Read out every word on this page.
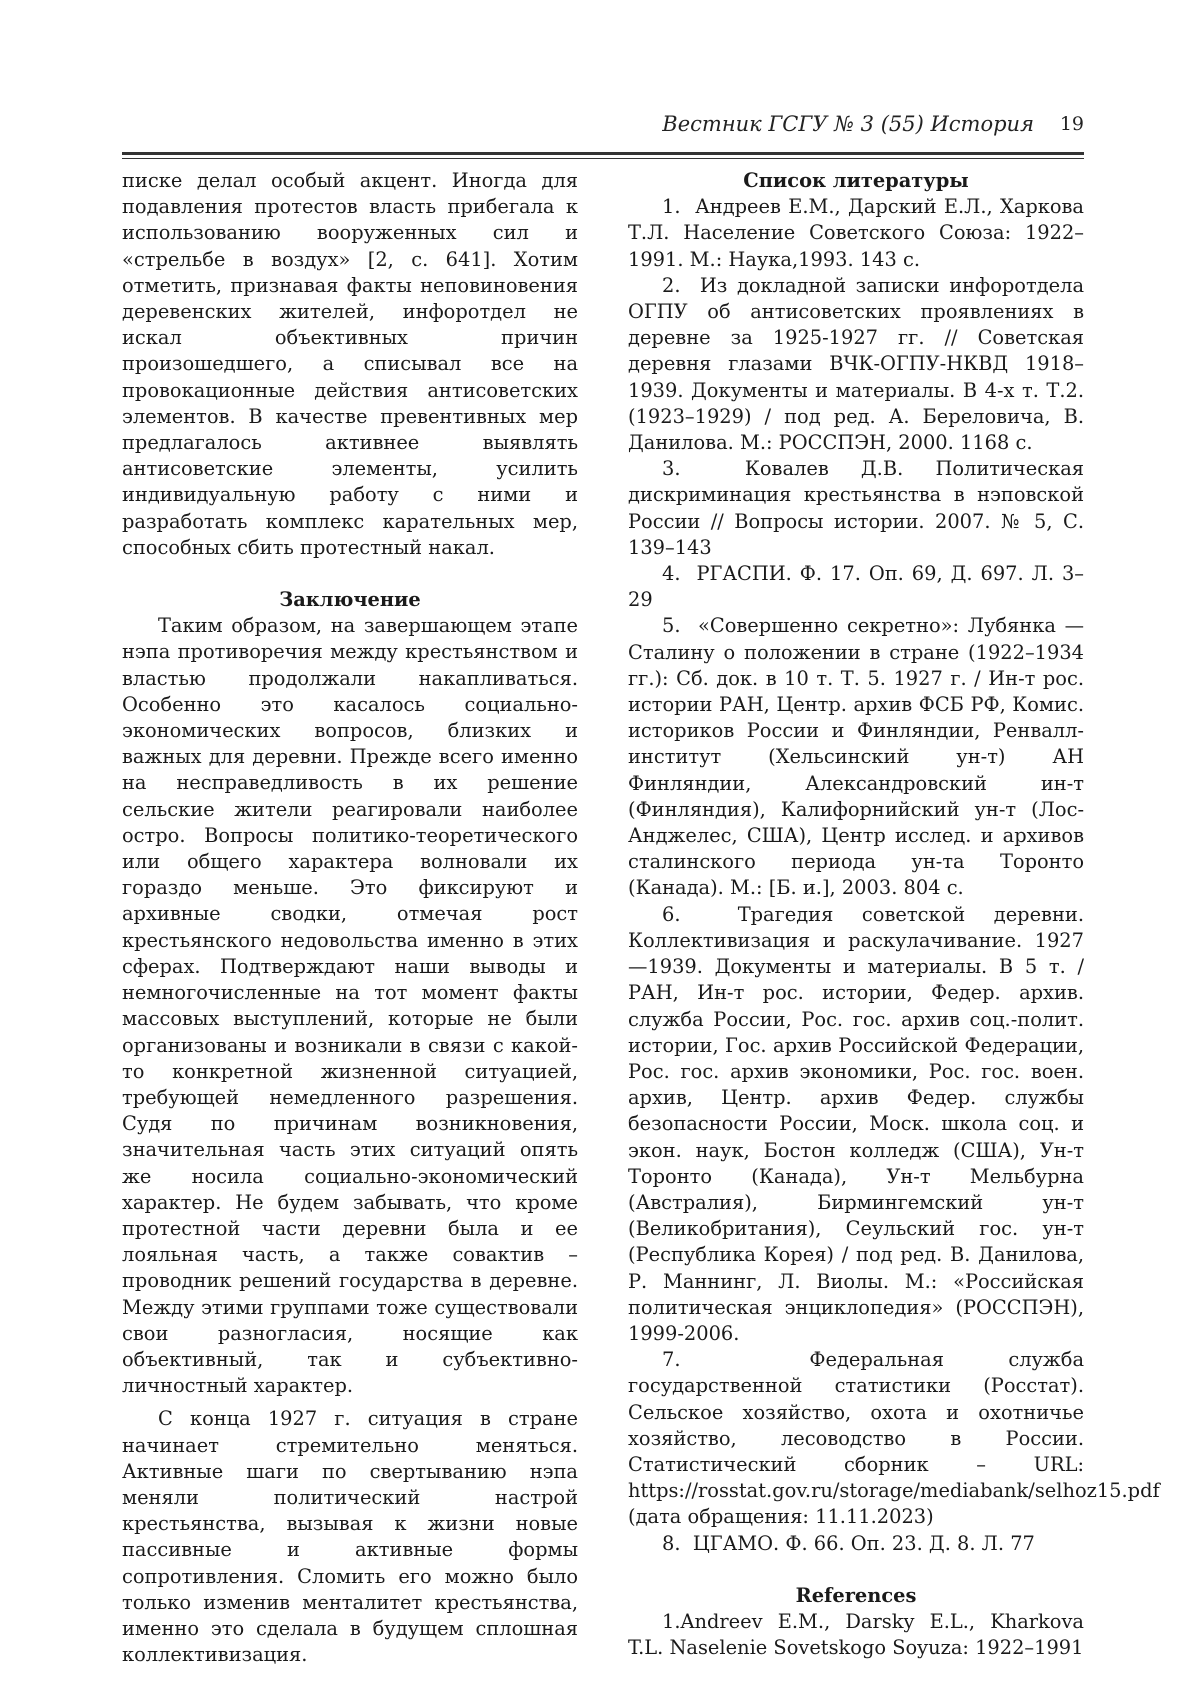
Вестник ГСГУ № 3 (55) История 19

писке делал особый акцент. Иногда для подавления протестов власть прибегала к использованию вооруженных сил и «стрельбе в воздух» [2, с. 641]. Хотим отметить, признавая факты неповиновения деревенских жителей, инфоротдел не искал объективных причин произошедшего, а списывал все на провокационные действия антисоветских элементов. В качестве превентивных мер предлагалось активнее выявлять антисоветские элементы, усилить индивидуальную работу с ними и разработать комплекс карательных мер, способных сбить протестный накал.

Заключение

Таким образом, на завершающем этапе нэпа противоречия между крестьянством и властью продолжали накапливаться. Особенно это касалось социально-экономических вопросов, близких и важных для деревни. Прежде всего именно на несправедливость в их решение сельские жители реагировали наиболее остро. Вопросы политико-теоретического или общего характера волновали их гораздо меньше. Это фиксируют и архивные сводки, отмечая рост крестьянского недовольства именно в этих сферах. Подтверждают наши выводы и немногочисленные на тот момент факты массовых выступлений, которые не были организованы и возникали в связи с какой-то конкретной жизненной ситуацией, требующей немедленного разрешения. Судя по причинам возникновения, значительная часть этих ситуаций опять же носила социально-экономический характер. Не будем забывать, что кроме протестной части деревни была и ее лояльная часть, а также совактив – проводник решений государства в деревне. Между этими группами тоже существовали свои разногласия, носящие как объективный, так и субъективно-личностный характер.

С конца 1927 г. ситуация в стране начинает стремительно меняться. Активные шаги по свертыванию нэпа меняли политический настрой крестьянства, вызывая к жизни новые пассивные и активные формы сопротивления. Сломить его можно было только изменив менталитет крестьянства, именно это сделала в будущем сплошная коллективизация.

Список литературы

1. Андреев Е.М., Дарский Е.Л., Харкова Т.Л. Население Советского Союза: 1922–1991. М.: Наука,1993. 143 с.

2. Из докладной записки инфоротдела ОГПУ об антисоветских проявлениях в деревне за 1925-1927 гг. // Советская деревня глазами ВЧК-ОГПУ-НКВД 1918–1939. Документы и материалы. В 4-х т. Т.2. (1923–1929) / под ред. А. Береловича, В. Данилова. М.: РОССПЭН, 2000. 1168 с.

3.	Ковалев Д.В. Политическая дискриминация крестьянства в нэповской России // Вопросы истории. 2007. № 5, С. 139–143

4. РГАСПИ. Ф. 17. Оп. 69, Д. 697. Л. 3–29

5. «Совершенно секретно»: Лубянка — Сталину о положении в стране (1922–1934 гг.): Сб. док. в 10 т. Т. 5. 1927 г. / Ин-т рос. истории РАН, Центр. архив ФСБ РФ, Комис. историков России и Финляндии, Ренвалл-институт (Хельсинский ун-т) АН Финляндии, Александровский ин-т (Финляндия), Калифорнийский ун-т (Лос-Анджелес, США), Центр исслед. и архивов сталинского периода ун-та Торонто (Канада). М.: [Б. и.], 2003. 804 с.

6.	Трагедия советской деревни. Коллективизация и раскулачивание. 1927—1939. Документы и материалы. В 5 т. / РАН, Ин-т рос. истории, Федер. архив. служба России, Рос. гос. архив соц.-полит. истории, Гос. архив Российской Федерации, Рос. гос. архив экономики, Рос. гос. воен. архив, Центр. архив Федер. службы безопасности России, Моск. школа соц. и экон. наук, Бостон колледж (США), Ун-т Торонто (Канада), Ун-т Мельбурна (Австралия), Бирмингемский ун-т (Великобритания), Сеульский гос. ун-т (Республика Корея) / под ред. В. Данилова, Р. Маннинг, Л. Виолы. М.: «Российская политическая энциклопедия» (РОССПЭН), 1999-2006.

7.	Федеральная служба государственной статистики (Росстат). Сельское хозяйство, охота и охотничье хозяйство, лесоводство в России. Статистический сборник – URL: https://rosstat.gov.ru/storage/mediabank/selhoz15.pdf (дата обращения: 11.11.2023)

8. ЦГАМО. Ф. 66. Оп. 23. Д. 8. Л. 77

References

1.Andreev E.M., Darsky E.L., Kharkova T.L. Naselenie Sovetskogo Soyuza: 1922–1991
